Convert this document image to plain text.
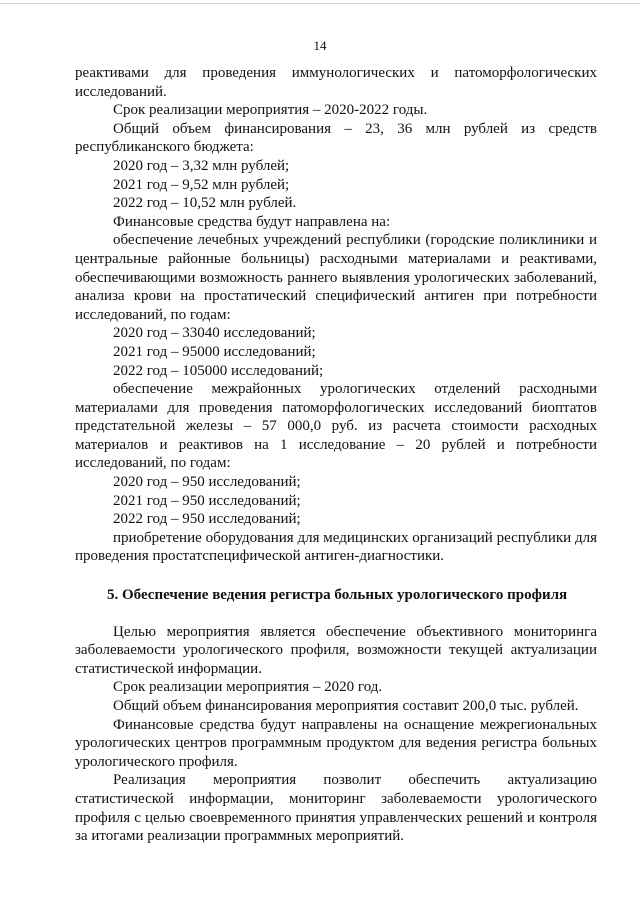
14

реактивами для проведения иммунологических и патоморфологических исследований.

Срок реализации мероприятия – 2020-2022 годы.

Общий объем финансирования – 23, 36 млн рублей из средств республиканского бюджета:

2020 год – 3,32 млн рублей;

2021 год – 9,52 млн рублей;

2022 год – 10,52 млн рублей.

Финансовые средства будут направлена на:

обеспечение лечебных учреждений республики (городские поликлиники и центральные районные больницы) расходными материалами и реактивами, обеспечивающими возможность раннего выявления урологических заболеваний, анализа крови на простатический специфический антиген при потребности исследований, по годам:

2020 год – 33040 исследований;

2021 год – 95000 исследований;

2022 год – 105000 исследований;

обеспечение межрайонных урологических отделений расходными материалами для проведения патоморфологических исследований биоптатов предстательной железы – 57 000,0 руб. из расчета стоимости расходных материалов и реактивов на 1 исследование – 20 рублей и потребности исследований, по годам:

2020 год – 950 исследований;

2021 год – 950 исследований;

2022 год – 950 исследований;

приобретение оборудования для медицинских организаций республики для проведения простатспецифической антиген-диагностики.

5. Обеспечение ведения регистра больных урологического профиля

Целью мероприятия является обеспечение объективного мониторинга заболеваемости урологического профиля, возможности текущей актуализации статистической информации.

Срок реализации мероприятия – 2020 год.

Общий объем финансирования мероприятия составит 200,0 тыс. рублей.

Финансовые средства будут направлены на оснащение межрегиональных урологических центров программным продуктом для ведения регистра больных урологического профиля.

Реализация мероприятия позволит обеспечить актуализацию статистической информации, мониторинг заболеваемости урологического профиля с целью своевременного принятия управленческих решений и контроля за итогами реализации программных мероприятий.
